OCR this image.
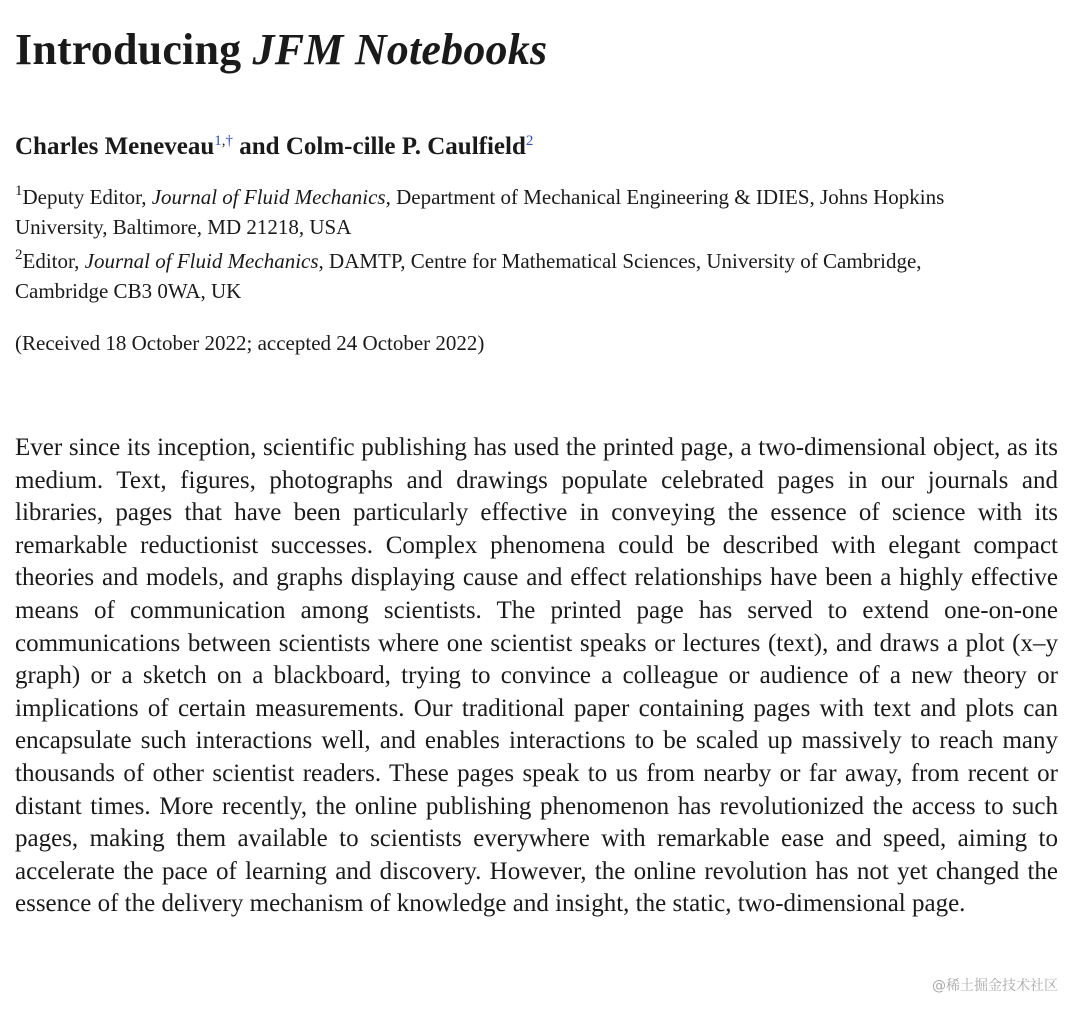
Introducing JFM Notebooks
Charles Meneveau$^{1,\dagger}$ and Colm-cille P. Caulfield$^2$
$^1$Deputy Editor, Journal of Fluid Mechanics, Department of Mechanical Engineering & IDIES, Johns Hopkins University, Baltimore, MD 21218, USA
$^2$Editor, Journal of Fluid Mechanics, DAMTP, Centre for Mathematical Sciences, University of Cambridge, Cambridge CB3 0WA, UK
(Received 18 October 2022; accepted 24 October 2022)

Ever since its inception, scientific publishing has used the printed page, a two-dimensional object, as its medium. Text, figures, photographs and drawings populate celebrated pages in our journals and libraries, pages that have been particularly effective in conveying the essence of science with its remarkable reductionist successes. Complex phenomena could be described with elegant compact theories and models, and graphs displaying cause and effect relationships have been a highly effective means of communication among scientists. The printed page has served to extend one-on-one communications between scientists where one scientist speaks or lectures (text), and draws a plot (x–y graph) or a sketch on a blackboard, trying to convince a colleague or audience of a new theory or implications of certain measurements. Our traditional paper containing pages with text and plots can encapsulate such interactions well, and enables interactions to be scaled up massively to reach many thousands of other scientist readers. These pages speak to us from nearby or far away, from recent or distant times. More recently, the online publishing phenomenon has revolutionized the access to such pages, making them available to scientists everywhere with remarkable ease and speed, aiming to accelerate the pace of learning and discovery. However, the online revolution has not yet changed the essence of the delivery mechanism of knowledge and insight, the static, two-dimensional page.

@稀土掘金技术社区
